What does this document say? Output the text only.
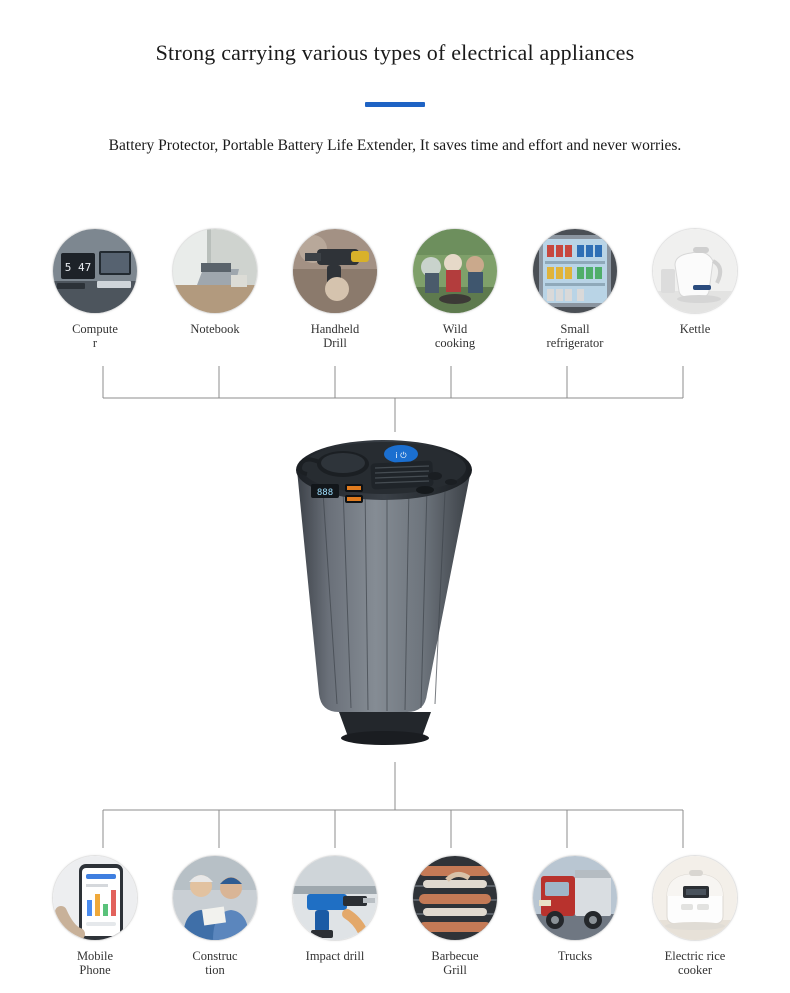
Strong carrying various types of electrical appliances
Battery Protector, Portable Battery Life Extender, It saves time and effort and never worries.
5 47
Compute
r
Notebook	Handheld
Drill
Wild
cooking
Small
refrigerator
Kettle
i ⏻
888
Mobile
Phone
Construc
tion
Impact drill	Barbecue
Grill
Trucks	Electric rice
cooker
